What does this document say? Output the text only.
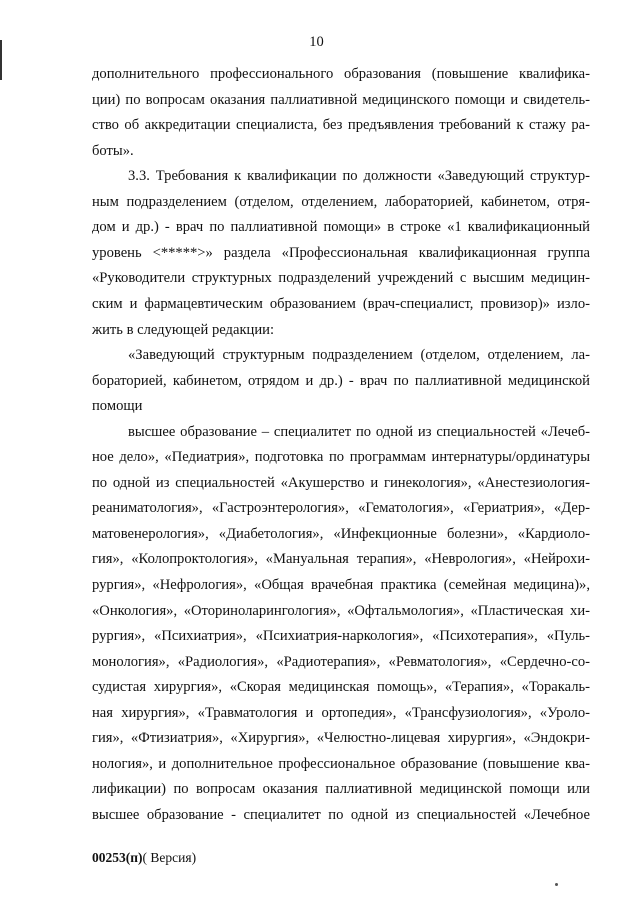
10
дополнительного профессионального образования (повышение квалифика-
ции) по вопросам оказания паллиативной медицинского помощи и свидетель-
ство об аккредитации специалиста, без предъявления требований к стажу ра-
боты».
3.3. Требования к квалификации по должности «Заведующий структур-
ным подразделением (отделом, отделением, лабораторией, кабинетом, отря-
дом и др.) - врач по паллиативной помощи» в строке «1 квалификационный
уровень <*****>» раздела «Профессиональная квалификационная группа
«Руководители структурных подразделений учреждений с высшим медицин-
ским и фармацевтическим образованием (врач-специалист, провизор)» изло-
жить в следующей редакции:
«Заведующий структурным подразделением (отделом, отделением, ла-
бораторией, кабинетом, отрядом и др.) - врач по паллиативной медицинской
помощи
высшее образование – специалитет по одной из специальностей «Лечеб-
ное дело», «Педиатрия», подготовка по программам интернатуры/ординатуры
по одной из специальностей «Акушерство и гинекология», «Анестезиология-
реаниматология», «Гастроэнтерология», «Гематология», «Гериатрия», «Дер-
матовенерология», «Диабетология», «Инфекционные болезни», «Кардиоло-
гия», «Колопроктология», «Мануальная терапия», «Неврология», «Нейрохи-
рургия», «Нефрология», «Общая врачебная практика (семейная медицина)»,
«Онкология», «Оториноларингология», «Офтальмология», «Пластическая хи-
рургия», «Психиатрия», «Психиатрия-наркология», «Психотерапия», «Пуль-
монология», «Радиология», «Радиотерапия», «Ревматология», «Сердечно-со-
судистая хирургия», «Скорая медицинская помощь», «Терапия», «Торакаль-
ная хирургия», «Травматология и ортопедия», «Трансфузиология», «Уроло-
гия», «Фтизиатрия», «Хирургия», «Челюстно-лицевая хирургия», «Эндокри-
нология», и дополнительное профессиональное образование (повышение ква-
лификации) по вопросам оказания паллиативной медицинской помощи или
высшее образование - специалитет по одной из специальностей «Лечебное
00253(п)( Версия)
